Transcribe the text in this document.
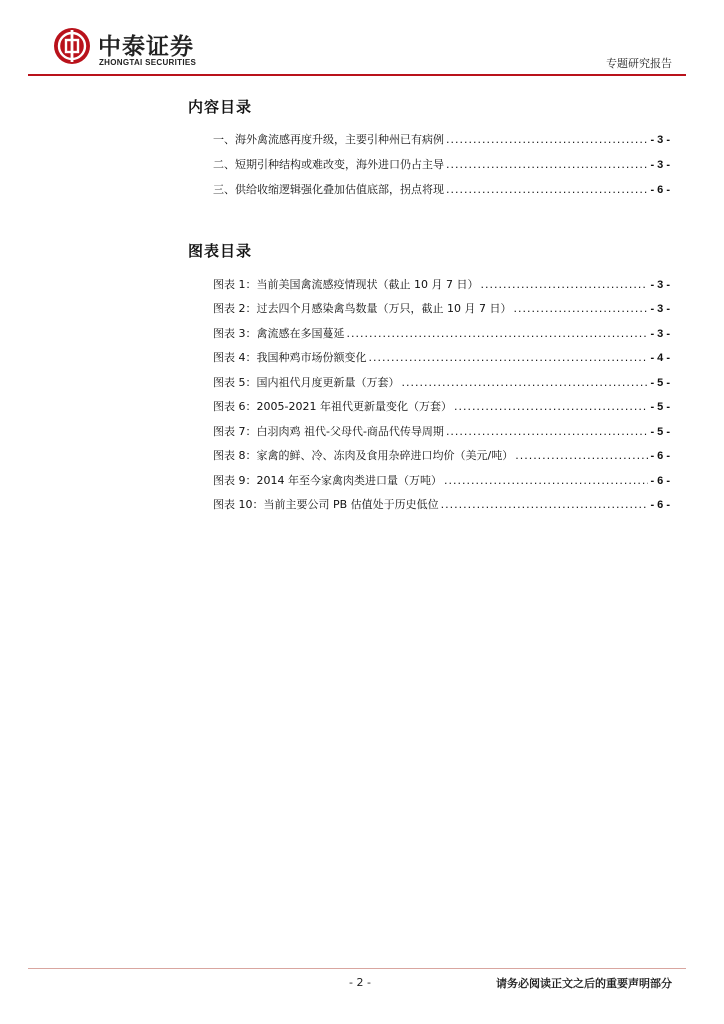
中泰证券
ZHONGTAI SECURITIES	专题研究报告
内容目录
一、海外禽流感再度升级，主要引种州已有病例 .....	- 3 -
二、短期引种结构或难改变，海外进口仍占主导 .....	- 3 -
三、供给收缩逻辑强化叠加估值底部，拐点将现 .....	- 6 -
图表目录
图表 1：当前美国禽流感疫情现状（截止 10 月 7 日） .....	- 3 -
图表 2：过去四个月感染禽鸟数量（万只，截止 10 月 7 日） .....	- 3 -
图表 3：禽流感在多国蔓延 .....	- 3 -
图表 4：我国种鸡市场份额变化 .....	- 4 -
图表 5：国内祖代月度更新量（万套） .....	- 5 -
图表 6：2005-2021 年祖代更新量变化（万套） .....	- 5 -
图表 7：白羽肉鸡 祖代-父母代-商品代传导周期 .....	- 5 -
图表 8：家禽的鲜、冷、冻肉及食用杂碎进口均价（美元/吨） .....	- 6 -
图表 9：2014 年至今家禽肉类进口量（万吨） .....	- 6 -
图表 10：当前主要公司 PB 估值处于历史低位 .....	- 6 -
- 2 -	请务必阅读正文之后的重要声明部分
